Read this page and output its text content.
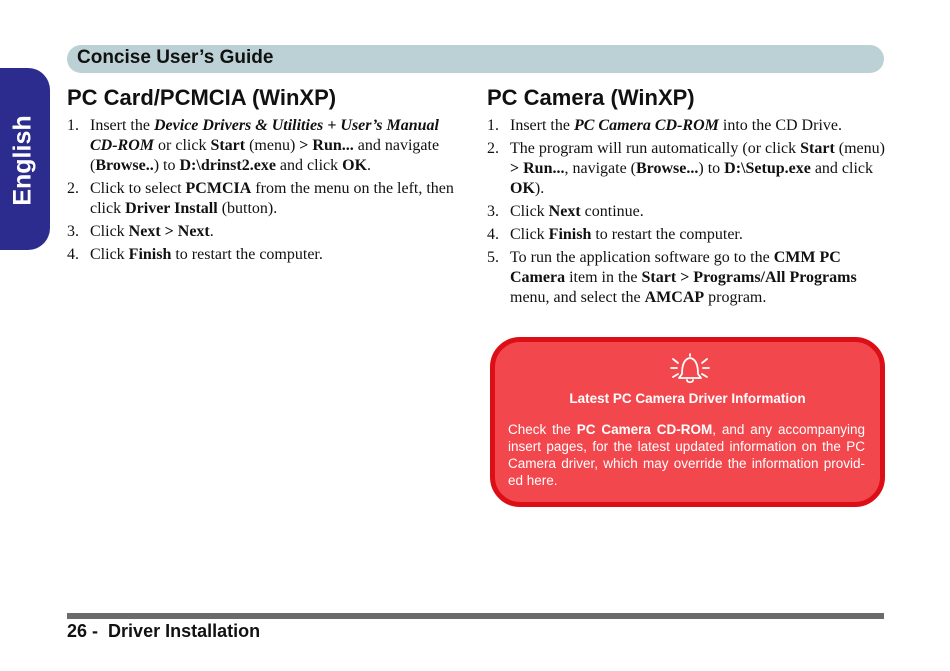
Concise User’s Guide
English
PC Card/PCMCIA (WinXP)
1. Insert the Device Drivers & Utilities + User’s Manual CD-ROM or click Start (menu) > Run... and navigate (Browse..) to D:\drinst2.exe and click OK.
2. Click to select PCMCIA from the menu on the left, then click Driver Install (button).
3. Click Next > Next.
4. Click Finish to restart the computer.
PC Camera (WinXP)
1. Insert the PC Camera CD-ROM into the CD Drive.
2. The program will run automatically (or click Start (menu) > Run..., navigate (Browse...) to D:\Setup.exe and click OK).
3. Click Next continue.
4. Click Finish to restart the computer.
5. To run the application software go to the CMM PC Camera item in the Start > Programs/All Programs menu, and select the AMCAP program.
Latest PC Camera Driver Information
Check the PC Camera CD-ROM, and any accompanying insert pages, for the latest updated information on the PC Camera driver, which may override the information provid-ed here.
26 - Driver Installation
